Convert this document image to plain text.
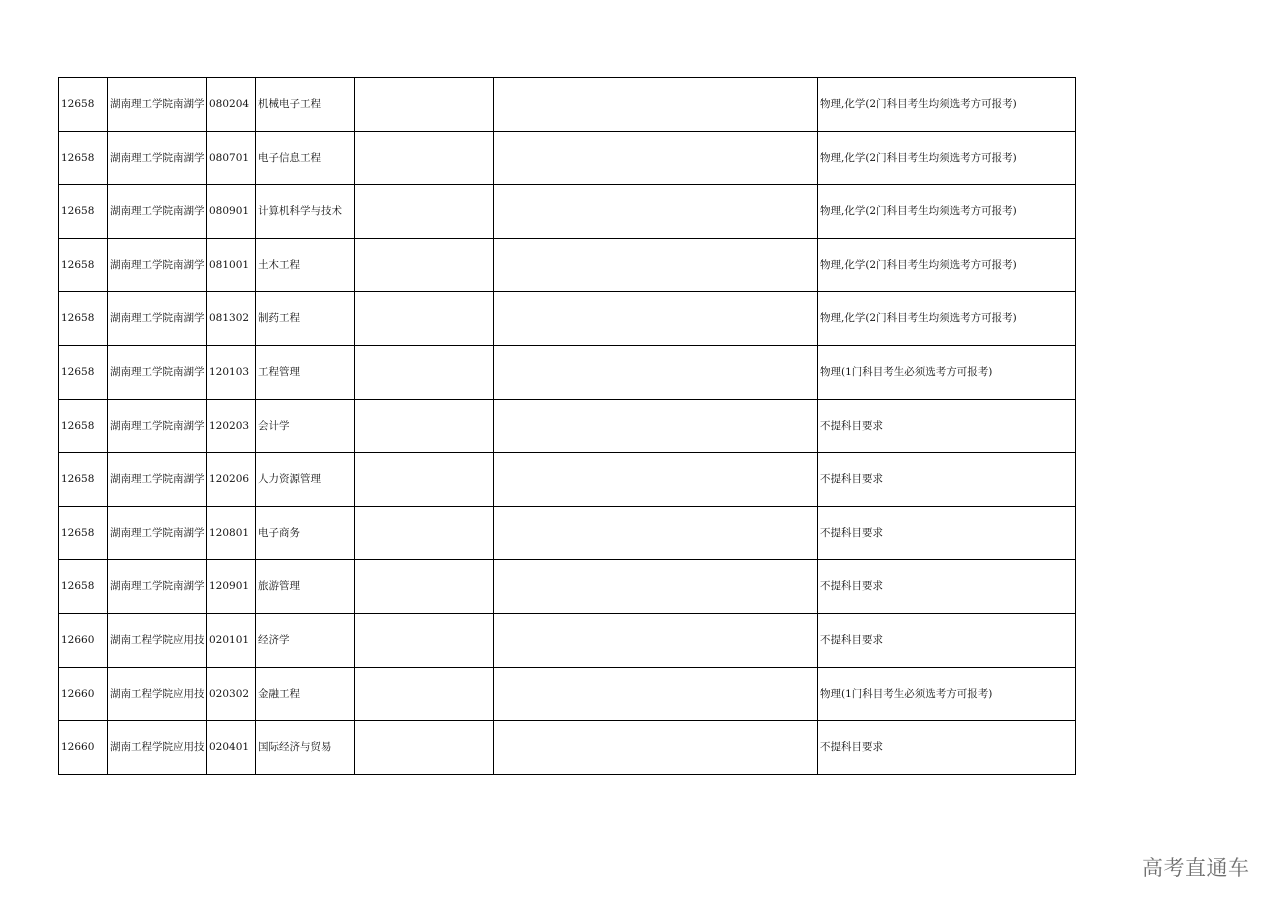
12658	湖南理工学院南湖学	080204	机械电子工程			物理,化学(2门科目考生均须选考方可报考)
12658	湖南理工学院南湖学	080701	电子信息工程			物理,化学(2门科目考生均须选考方可报考)
12658	湖南理工学院南湖学	080901	计算机科学与技术			物理,化学(2门科目考生均须选考方可报考)
12658	湖南理工学院南湖学	081001	土木工程			物理,化学(2门科目考生均须选考方可报考)
12658	湖南理工学院南湖学	081302	制药工程			物理,化学(2门科目考生均须选考方可报考)
12658	湖南理工学院南湖学	120103	工程管理			物理(1门科目考生必须选考方可报考)
12658	湖南理工学院南湖学	120203	会计学			不提科目要求
12658	湖南理工学院南湖学	120206	人力资源管理			不提科目要求
12658	湖南理工学院南湖学	120801	电子商务			不提科目要求
12658	湖南理工学院南湖学	120901	旅游管理			不提科目要求
12660	湖南工程学院应用技	020101	经济学			不提科目要求
12660	湖南工程学院应用技	020302	金融工程			物理(1门科目考生必须选考方可报考)
12660	湖南工程学院应用技	020401	国际经济与贸易			不提科目要求
高考直通车
